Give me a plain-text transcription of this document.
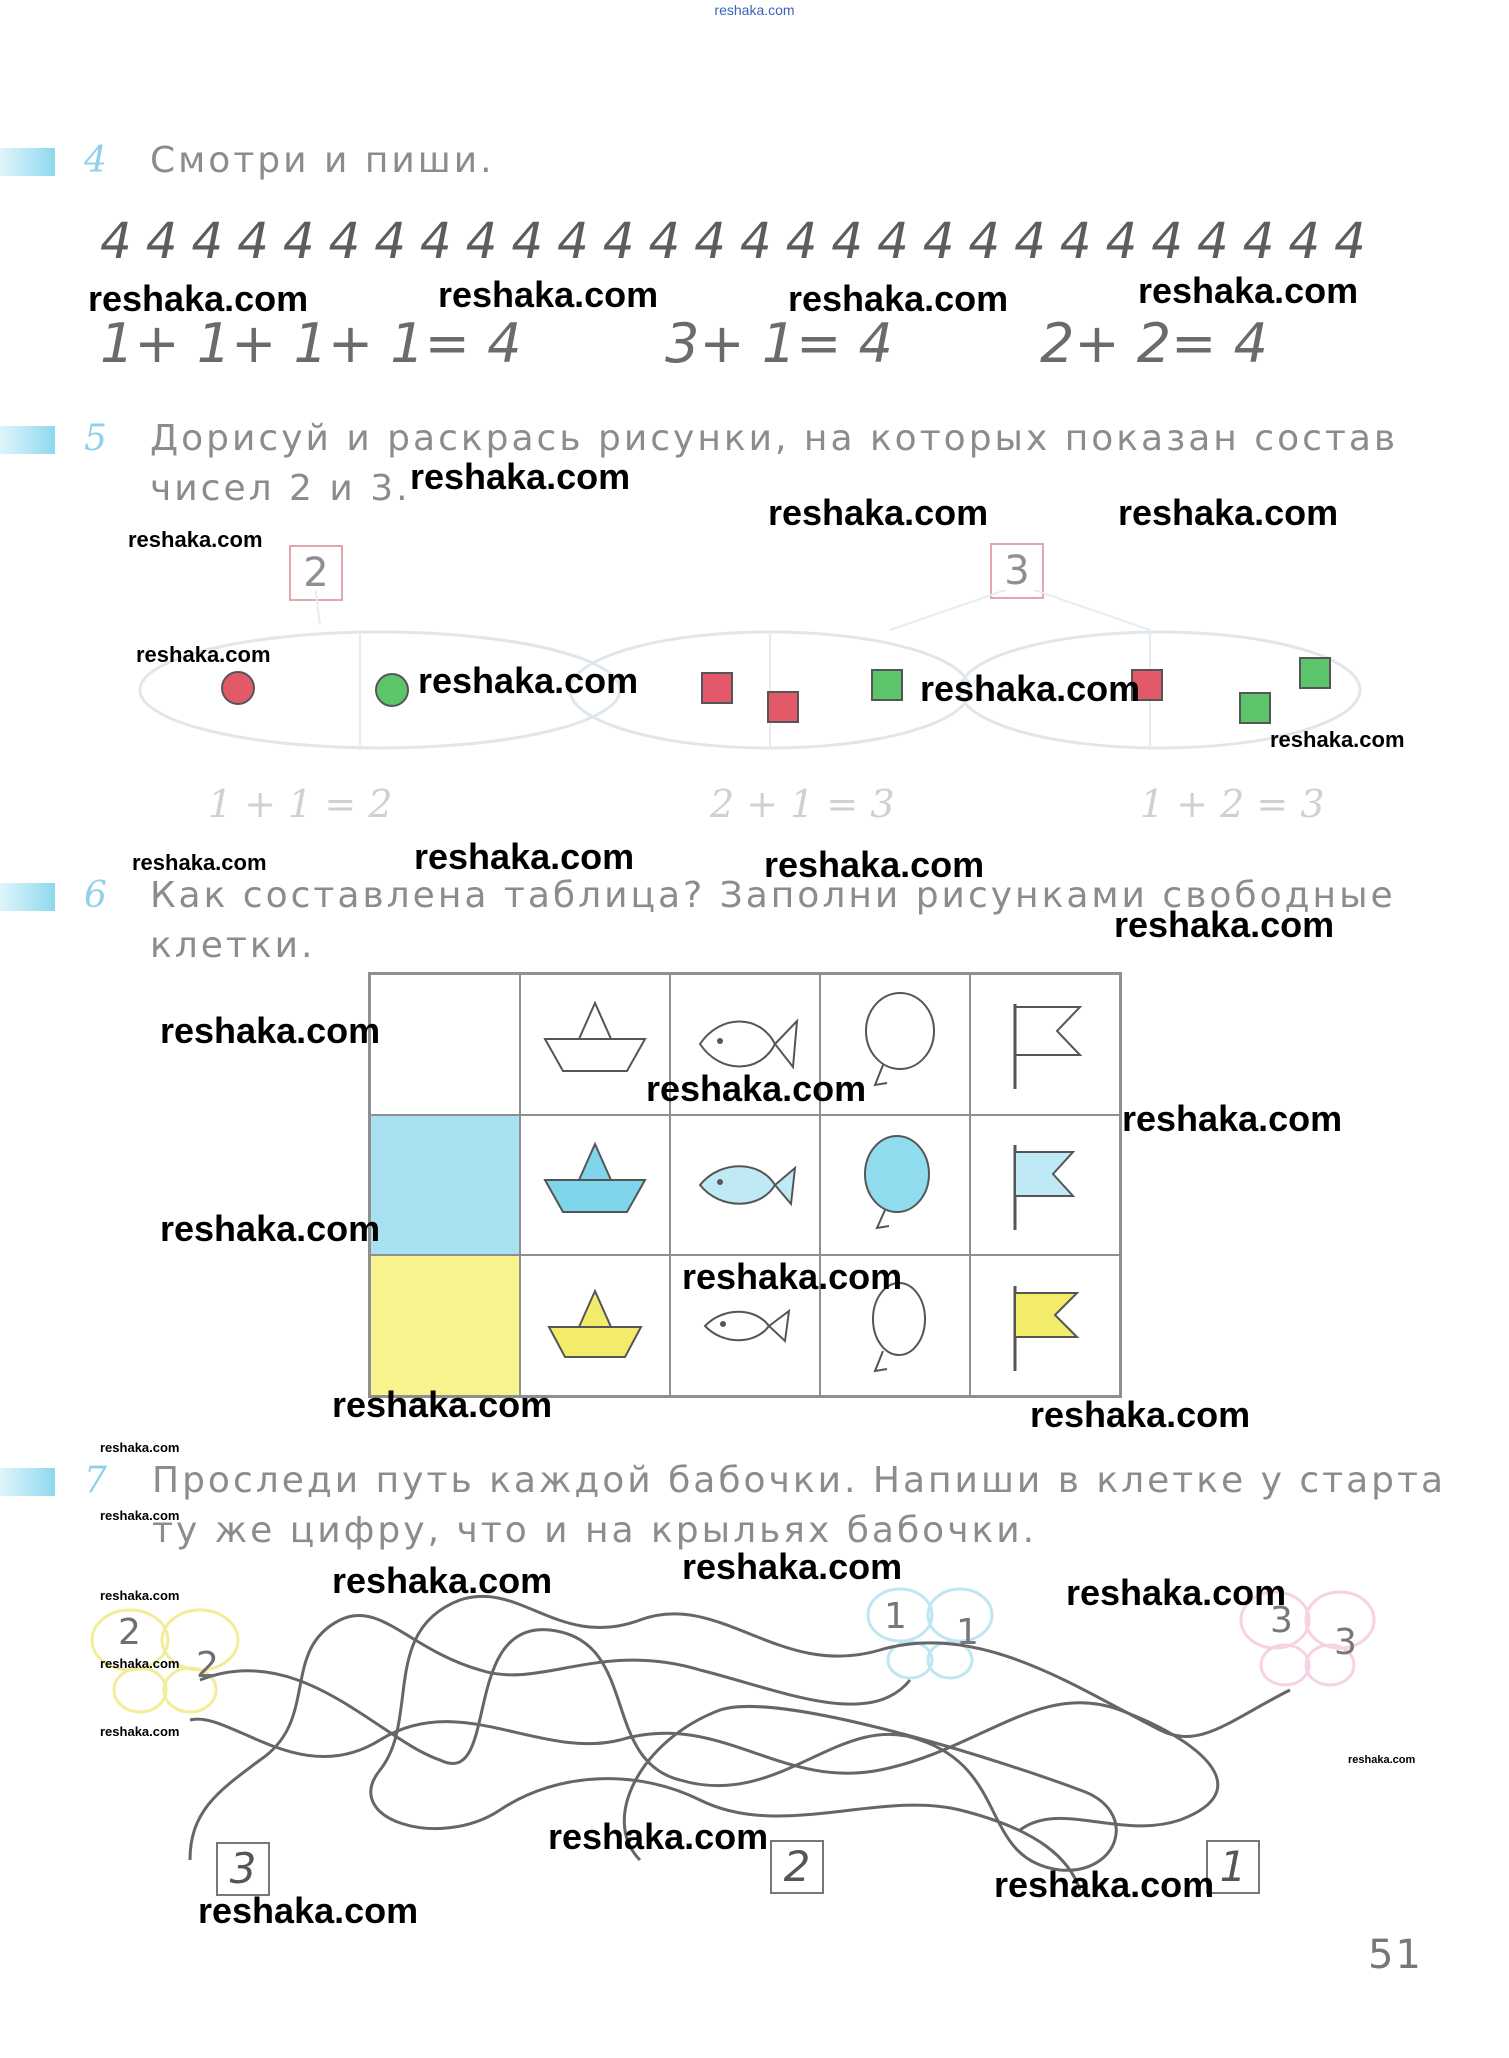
reshaka.com
4 Смотри и пиши.
4 4 4 4 4 4 4 4 4 4 4 4 4 4 4 4 4 4 4 4 4 4 4 4 4 4 4 4
1+ 1+ 1+ 1= 4	3+ 1= 4	2+ 2= 4
5 Дорисуй и раскрась рисунки, на которых показан состав
чисел 2 и 3.
2	3
1 + 1 = 2	2 + 1 = 3	1 + 2 = 3
6 Как составлена таблица? Заполни рисунками свободные
клетки.
7 Проследи путь каждой бабочки. Напиши в клетке у старта
ту же цифру, что и на крыльях бабочки.
2
2
1 1	3
3
3	2	1
51
reshaka.com	reshaka.com	reshaka.com	reshaka.com
reshaka.com
reshaka.com
reshaka.com	reshaka.com
reshaka.com
reshaka.com	reshaka.com
reshaka.com
reshaka.com	reshaka.com	reshaka.com
reshaka.com
reshaka.com
reshaka.com
reshaka.com
reshaka.com
reshaka.com
reshaka.com	reshaka.com
reshaka.com
reshaka.com
reshaka.com
reshaka.com
reshaka.com
reshaka.com	reshaka.com
reshaka.com
reshaka.com
reshaka.com
reshaka.com
reshaka.com
